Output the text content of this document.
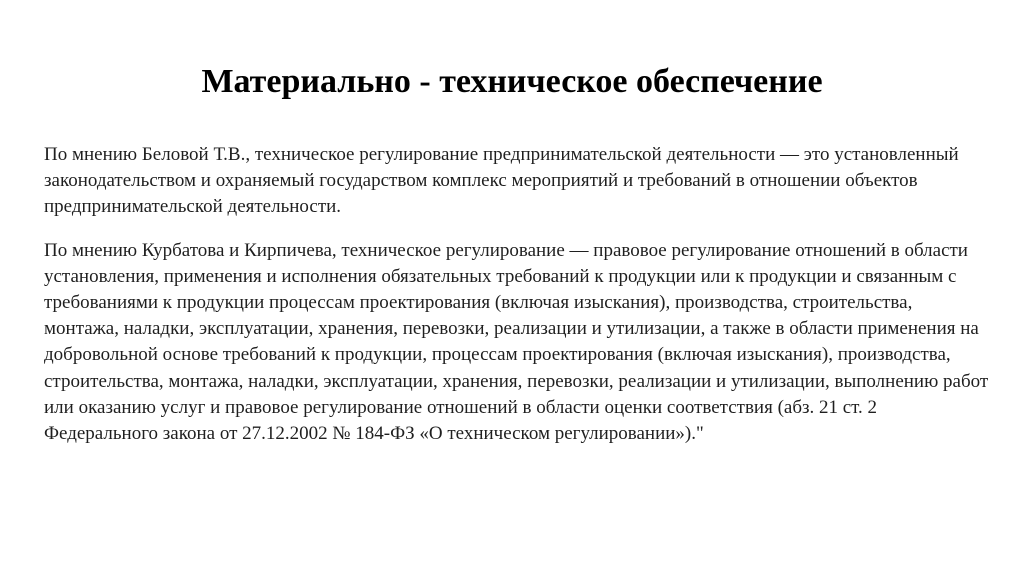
Материально - техническое обеспечение

По мнению Беловой Т.В., техническое регулирование предпринимательской деятельности — это установленный законодательством и охраняемый государством комплекс мероприятий и требований в отношении объектов предпринимательской деятельности.

По мнению Курбатова и Кирпичева, техническое регулирование — правовое регулирование отношений в области установления, применения и исполнения обязательных требований к продукции или к продукции и связанным с требованиями к продукции процессам проектирования (включая изыскания), производства, строительства, монтажа, наладки, эксплуатации, хранения, перевозки, реализации и утилизации, а также в области применения на добровольной основе требований к продукции, процессам проектирования (включая изыскания), производства, строительства, монтажа, наладки, эксплуатации, хранения, перевозки, реализации и утилизации, выполнению работ или оказанию услуг и правовое регулирование отношений в области оценки соответствия (абз. 21 ст. 2 Федерального закона от 27.12.2002 № 184-ФЗ «О техническом регулировании»)."
